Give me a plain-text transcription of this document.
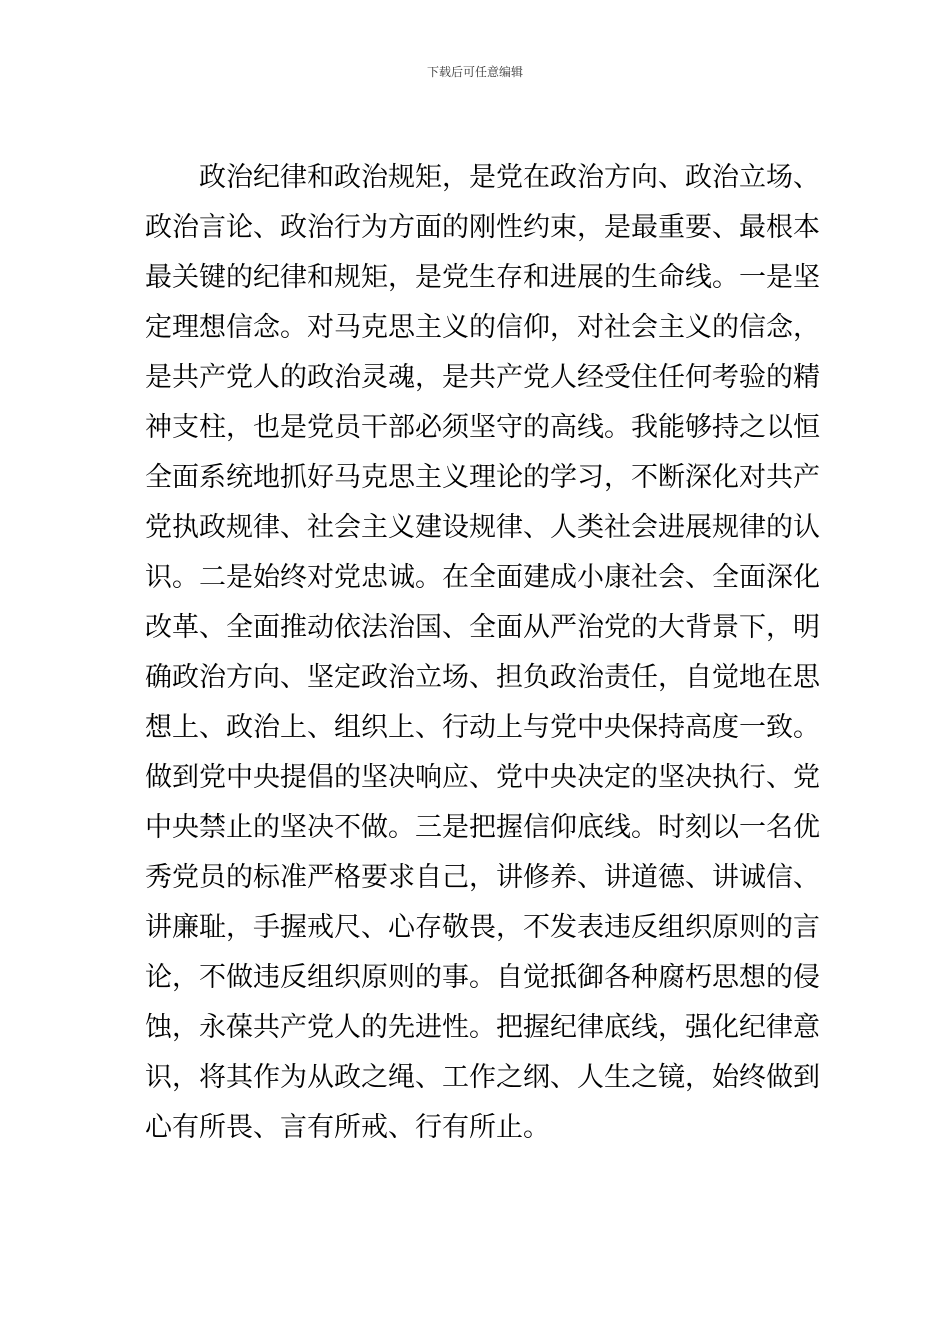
下载后可任意编辑
政治纪律和政治规矩，是党在政治方向、政治立场、
政治言论、政治行为方面的刚性约束，是最重要、最根本
最关键的纪律和规矩，是党生存和进展的生命线。一是坚
定理想信念。对马克思主义的信仰，对社会主义的信念，
是共产党人的政治灵魂，是共产党人经受住任何考验的精
神支柱，也是党员干部必须坚守的高线。我能够持之以恒
全面系统地抓好马克思主义理论的学习，不断深化对共产
党执政规律、社会主义建设规律、人类社会进展规律的认
识。二是始终对党忠诚。在全面建成小康社会、全面深化
改革、全面推动依法治国、全面从严治党的大背景下，明
确政治方向、坚定政治立场、担负政治责任，自觉地在思
想上、政治上、组织上、行动上与党中央保持高度一致。
做到党中央提倡的坚决响应、党中央决定的坚决执行、党
中央禁止的坚决不做。三是把握信仰底线。时刻以一名优
秀党员的标准严格要求自己，讲修养、讲道德、讲诚信、
讲廉耻，手握戒尺、心存敬畏，不发表违反组织原则的言
论，不做违反组织原则的事。自觉抵御各种腐朽思想的侵
蚀，永葆共产党人的先进性。把握纪律底线，强化纪律意
识，将其作为从政之绳、工作之纲、人生之镜，始终做到
心有所畏、言有所戒、行有所止。
